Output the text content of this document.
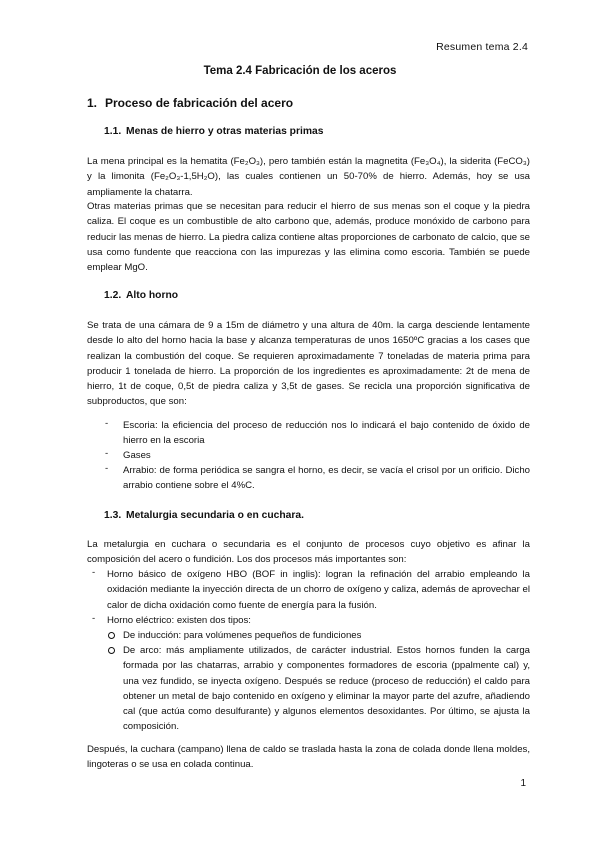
Resumen tema 2.4
Tema 2.4 Fabricación de los aceros
1. Proceso de fabricación del acero
1.1. Menas de hierro y otras materias primas
La mena principal es la hematita (Fe₂O₃), pero también están la magnetita (Fe₃O₄), la siderita (FeCO₃) y la limonita (Fe₂O₃-1,5H₂O), las cuales contienen un 50-70% de hierro. Además, hoy se usa ampliamente la chatarra.
Otras materias primas que se necesitan para reducir el hierro de sus menas son el coque y la piedra caliza. El coque es un combustible de alto carbono que, además, produce monóxido de carbono para reducir las menas de hierro. La piedra caliza contiene altas proporciones de carbonato de calcio, que se usa como fundente que reacciona con las impurezas y las elimina como escoria. También se puede emplear MgO.
1.2. Alto horno
Se trata de una cámara de 9 a 15m de diámetro y una altura de 40m. la carga desciende lentamente desde lo alto del horno hacia la base y alcanza temperaturas de unos 1650ºC gracias a los cases que realizan la combustión del coque. Se requieren aproximadamente 7 toneladas de materia prima para producir 1 tonelada de hierro. La proporción de los ingredientes es aproximadamente: 2t de mena de hierro, 1t de coque, 0,5t de piedra caliza y 3,5t de gases. Se recicla una proporción significativa de subproductos, que son:
- Escoria: la eficiencia del proceso de reducción nos lo indicará el bajo contenido de óxido de hierro en la escoria
- Gases
- Arrabio: de forma periódica se sangra el horno, es decir, se vacía el crisol por un orificio. Dicho arrabio contiene sobre el 4%C.
1.3. Metalurgia secundaria o en cuchara.
La metalurgia en cuchara o secundaria es el conjunto de procesos cuyo objetivo es afinar la composición del acero o fundición. Los dos procesos más importantes son:
- Horno básico de oxígeno HBO (BOF in inglis): logran la refinación del arrabio empleando la oxidación mediante la inyección directa de un chorro de oxígeno y caliza, además de aprovechar el calor de dicha oxidación como fuente de energía para la fusión.
- Horno eléctrico: existen dos tipos:
De inducción: para volúmenes pequeños de fundiciones
De arco: más ampliamente utilizados, de carácter industrial. Estos hornos funden la carga formada por las chatarras, arrabio y componentes formadores de escoria (ppalmente cal) y, una vez fundido, se inyecta oxígeno. Después se reduce (proceso de reducción) el caldo para obtener un metal de bajo contenido en oxígeno y eliminar la mayor parte del azufre, añadiendo cal (que actúa como desulfurante) y algunos elementos desoxidantes. Por último, se ajusta la composición.
Después, la cuchara (campano) llena de caldo se traslada hasta la zona de colada donde llena moldes, lingoteras o se usa en colada continua.
1
